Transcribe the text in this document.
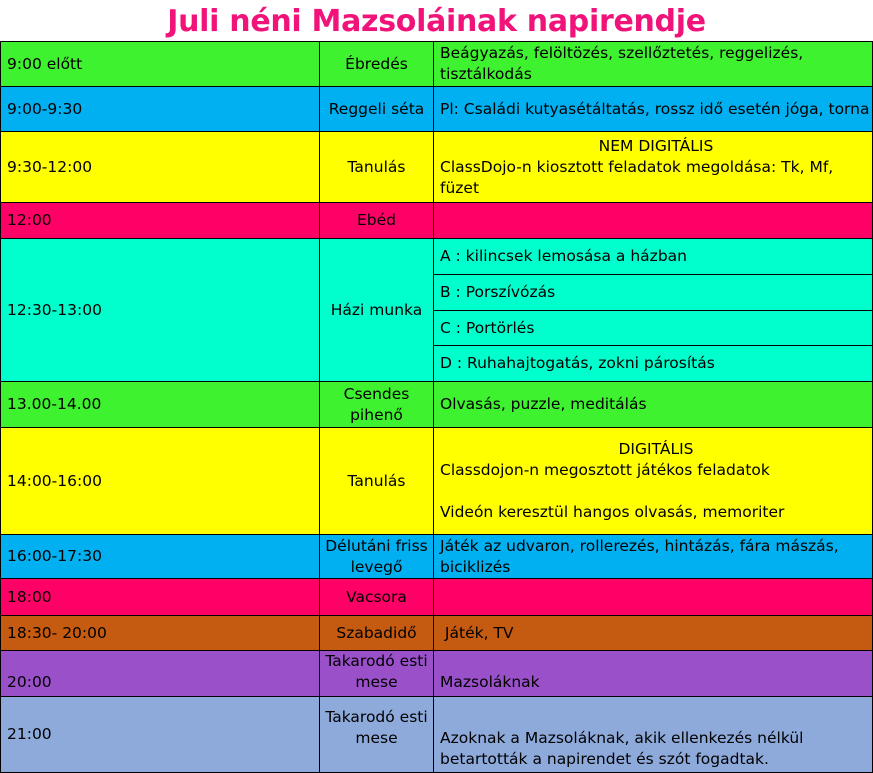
Juli néni Mazsoláinak napirendje
9:00 előtt	Ébredés	Beágyazás, felöltözés, szellőztetés, reggelizés, tisztálkodás
9:00-9:30	Reggeli séta	Pl: Családi kutyasétáltatás, rossz idő esetén jóga, torna
9:30-12:00	Tanulás	NEM DIGITÁLIS
ClassDojo-n kiosztott feladatok megoldása: Tk, Mf, füzet
12:00	Ebéd	
12:30-13:00	Házi munka	A : kilincsek lemosása a házban
		B : Porszívózás
		C : Portörlés
		D : Ruhahajtogatás, zokni párosítás
13.00-14.00	Csendes pihenő	Olvasás, puzzle, meditálás
14:00-16:00	Tanulás	DIGITÁLIS
Classdojon-n megosztott játékos feladatok
Videón keresztül hangos olvasás, memoriter

16:00-17:30	Délutáni friss levegő	Játék az udvaron, rollerezés, hintázás, fára mászás, biciklizés
18:00	Vacsora	
18:30- 20:00	Szabadidő	Játék, TV
20:00	Takarodó esti mese	Mazsoláknak
21:00	Takarodó esti mese	Azoknak a Mazsoláknak, akik ellenkezés nélkül betartották a napirendet és szót fogadtak.
